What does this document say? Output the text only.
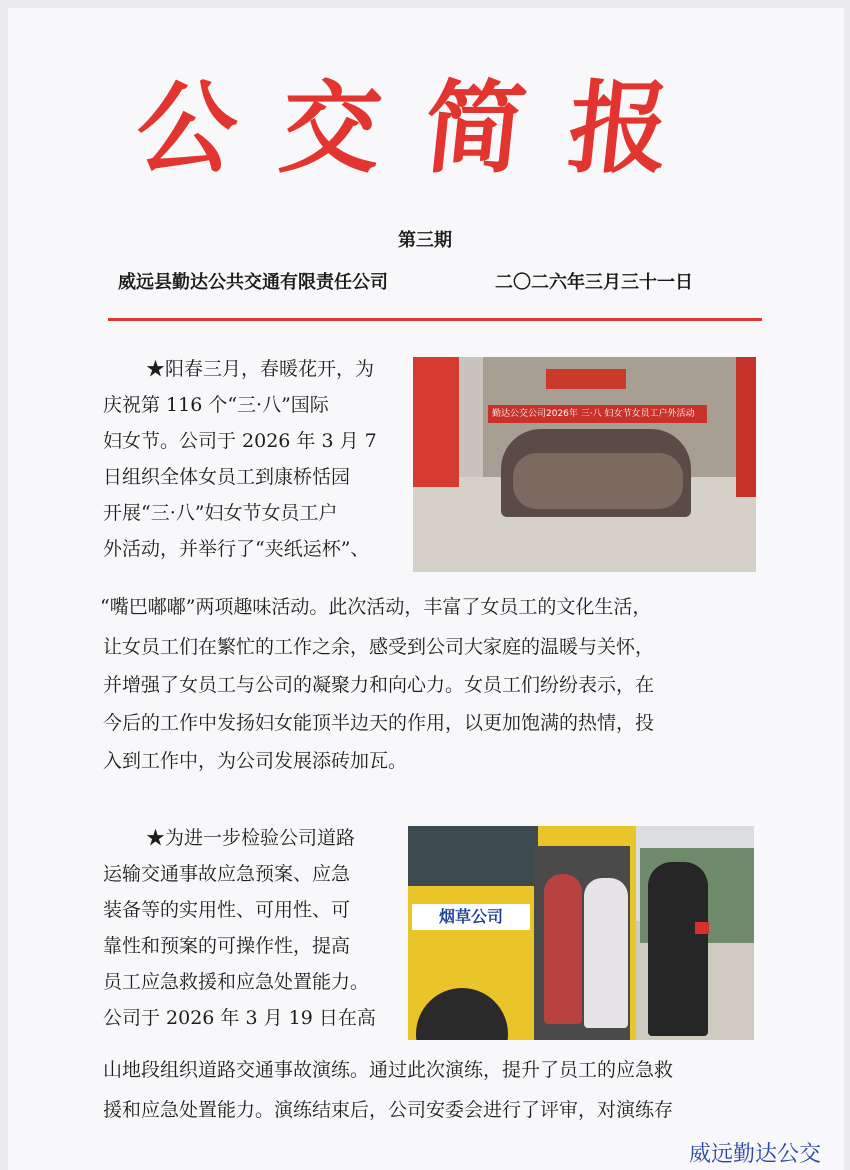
公交简报
第三期
威远县勤达公共交通有限责任公司	二〇二六年三月三十一日
★阳春三月，春暖花开，为
庆祝第 116 个“三·八”国际
妇女节。公司于 2026 年 3 月 7
日组织全体女员工到康桥恬园
开展“三·八”妇女节女员工户
外活动，并举行了“夹纸运杯”、
“嘴巴嘟嘟”两项趣味活动。此次活动，丰富了女员工的文化生活，
让女员工们在繁忙的工作之余，感受到公司大家庭的温暖与关怀，
并增强了女员工与公司的凝聚力和向心力。女员工们纷纷表示，在
今后的工作中发扬妇女能顶半边天的作用，以更加饱满的热情，投
入到工作中，为公司发展添砖加瓦。
勤达公交公司2026年 三·八 妇女节女员工户外活动
★为进一步检验公司道路
运输交通事故应急预案、应急
装备等的实用性、可用性、可
靠性和预案的可操作性，提高
员工应急救援和应急处置能力。
公司于 2026 年 3 月 19 日在高
山地段组织道路交通事故演练。通过此次演练，提升了员工的应急救
援和应急处置能力。演练结束后，公司安委会进行了评审，对演练存
烟草公司
威远勤达公交
